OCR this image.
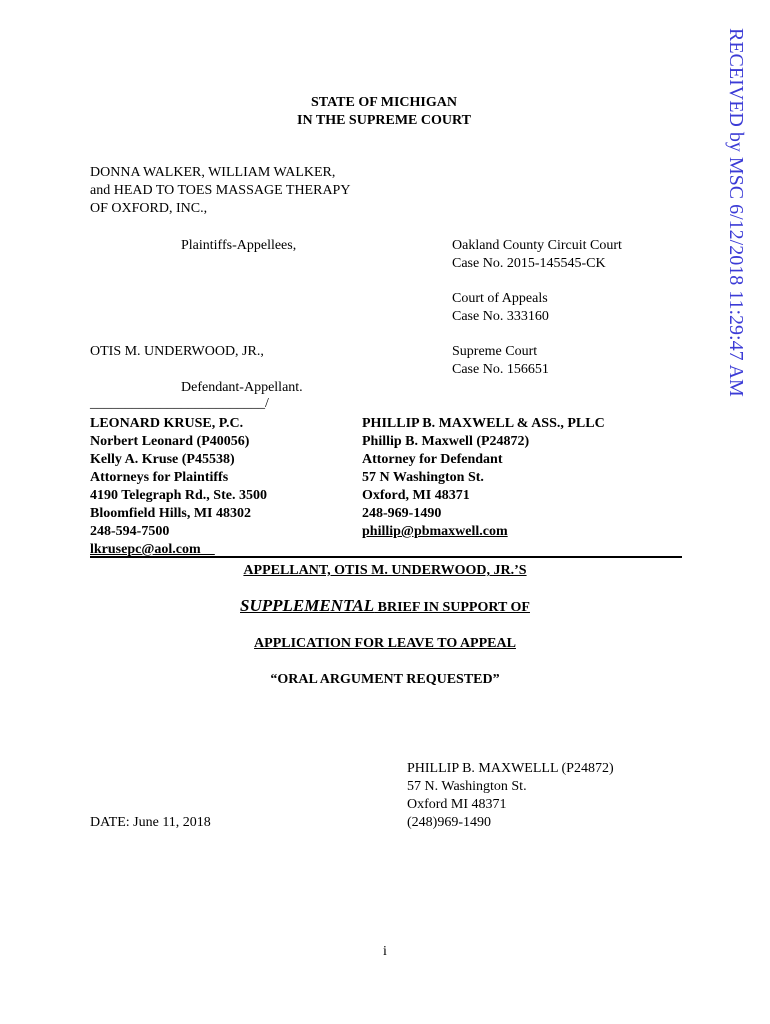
RECEIVED by MSC 6/12/2018 11:29:47 AM
STATE OF MICHIGAN
IN THE SUPREME COURT
DONNA WALKER, WILLIAM WALKER,
and HEAD TO TOES MASSAGE THERAPY
OF OXFORD, INC.,
Plaintiffs-Appellees,	Oakland County Circuit Court
Case No. 2015-145545-CK
Court of Appeals
Case No. 333160
Supreme Court
Case No. 156651
OTIS M. UNDERWOOD, JR.,
Defendant-Appellant.
_________________________/
LEONARD KRUSE, P.C.
Norbert Leonard (P40056)
Kelly A. Kruse (P45538)
Attorneys for Plaintiffs
4190 Telegraph Rd., Ste. 3500
Bloomfield Hills, MI 48302
248-594-7500
lkrusepc@aol.com__
PHILLIP B. MAXWELL & ASS., PLLC
Phillip B. Maxwell (P24872)
Attorney for Defendant
57 N Washington St.
Oxford, MI 48371
248-969-1490
phillip@pbmaxwell.com
APPELLANT, OTIS M. UNDERWOOD, JR.’S
SUPPLEMENTAL BRIEF IN SUPPORT OF
APPLICATION FOR LEAVE TO APPEAL
“ORAL ARGUMENT REQUESTED”
PHILLIP B. MAXWELLL (P24872)
57 N. Washington St.
Oxford MI 48371
(248)969-1490
DATE: June 11, 2018
i
